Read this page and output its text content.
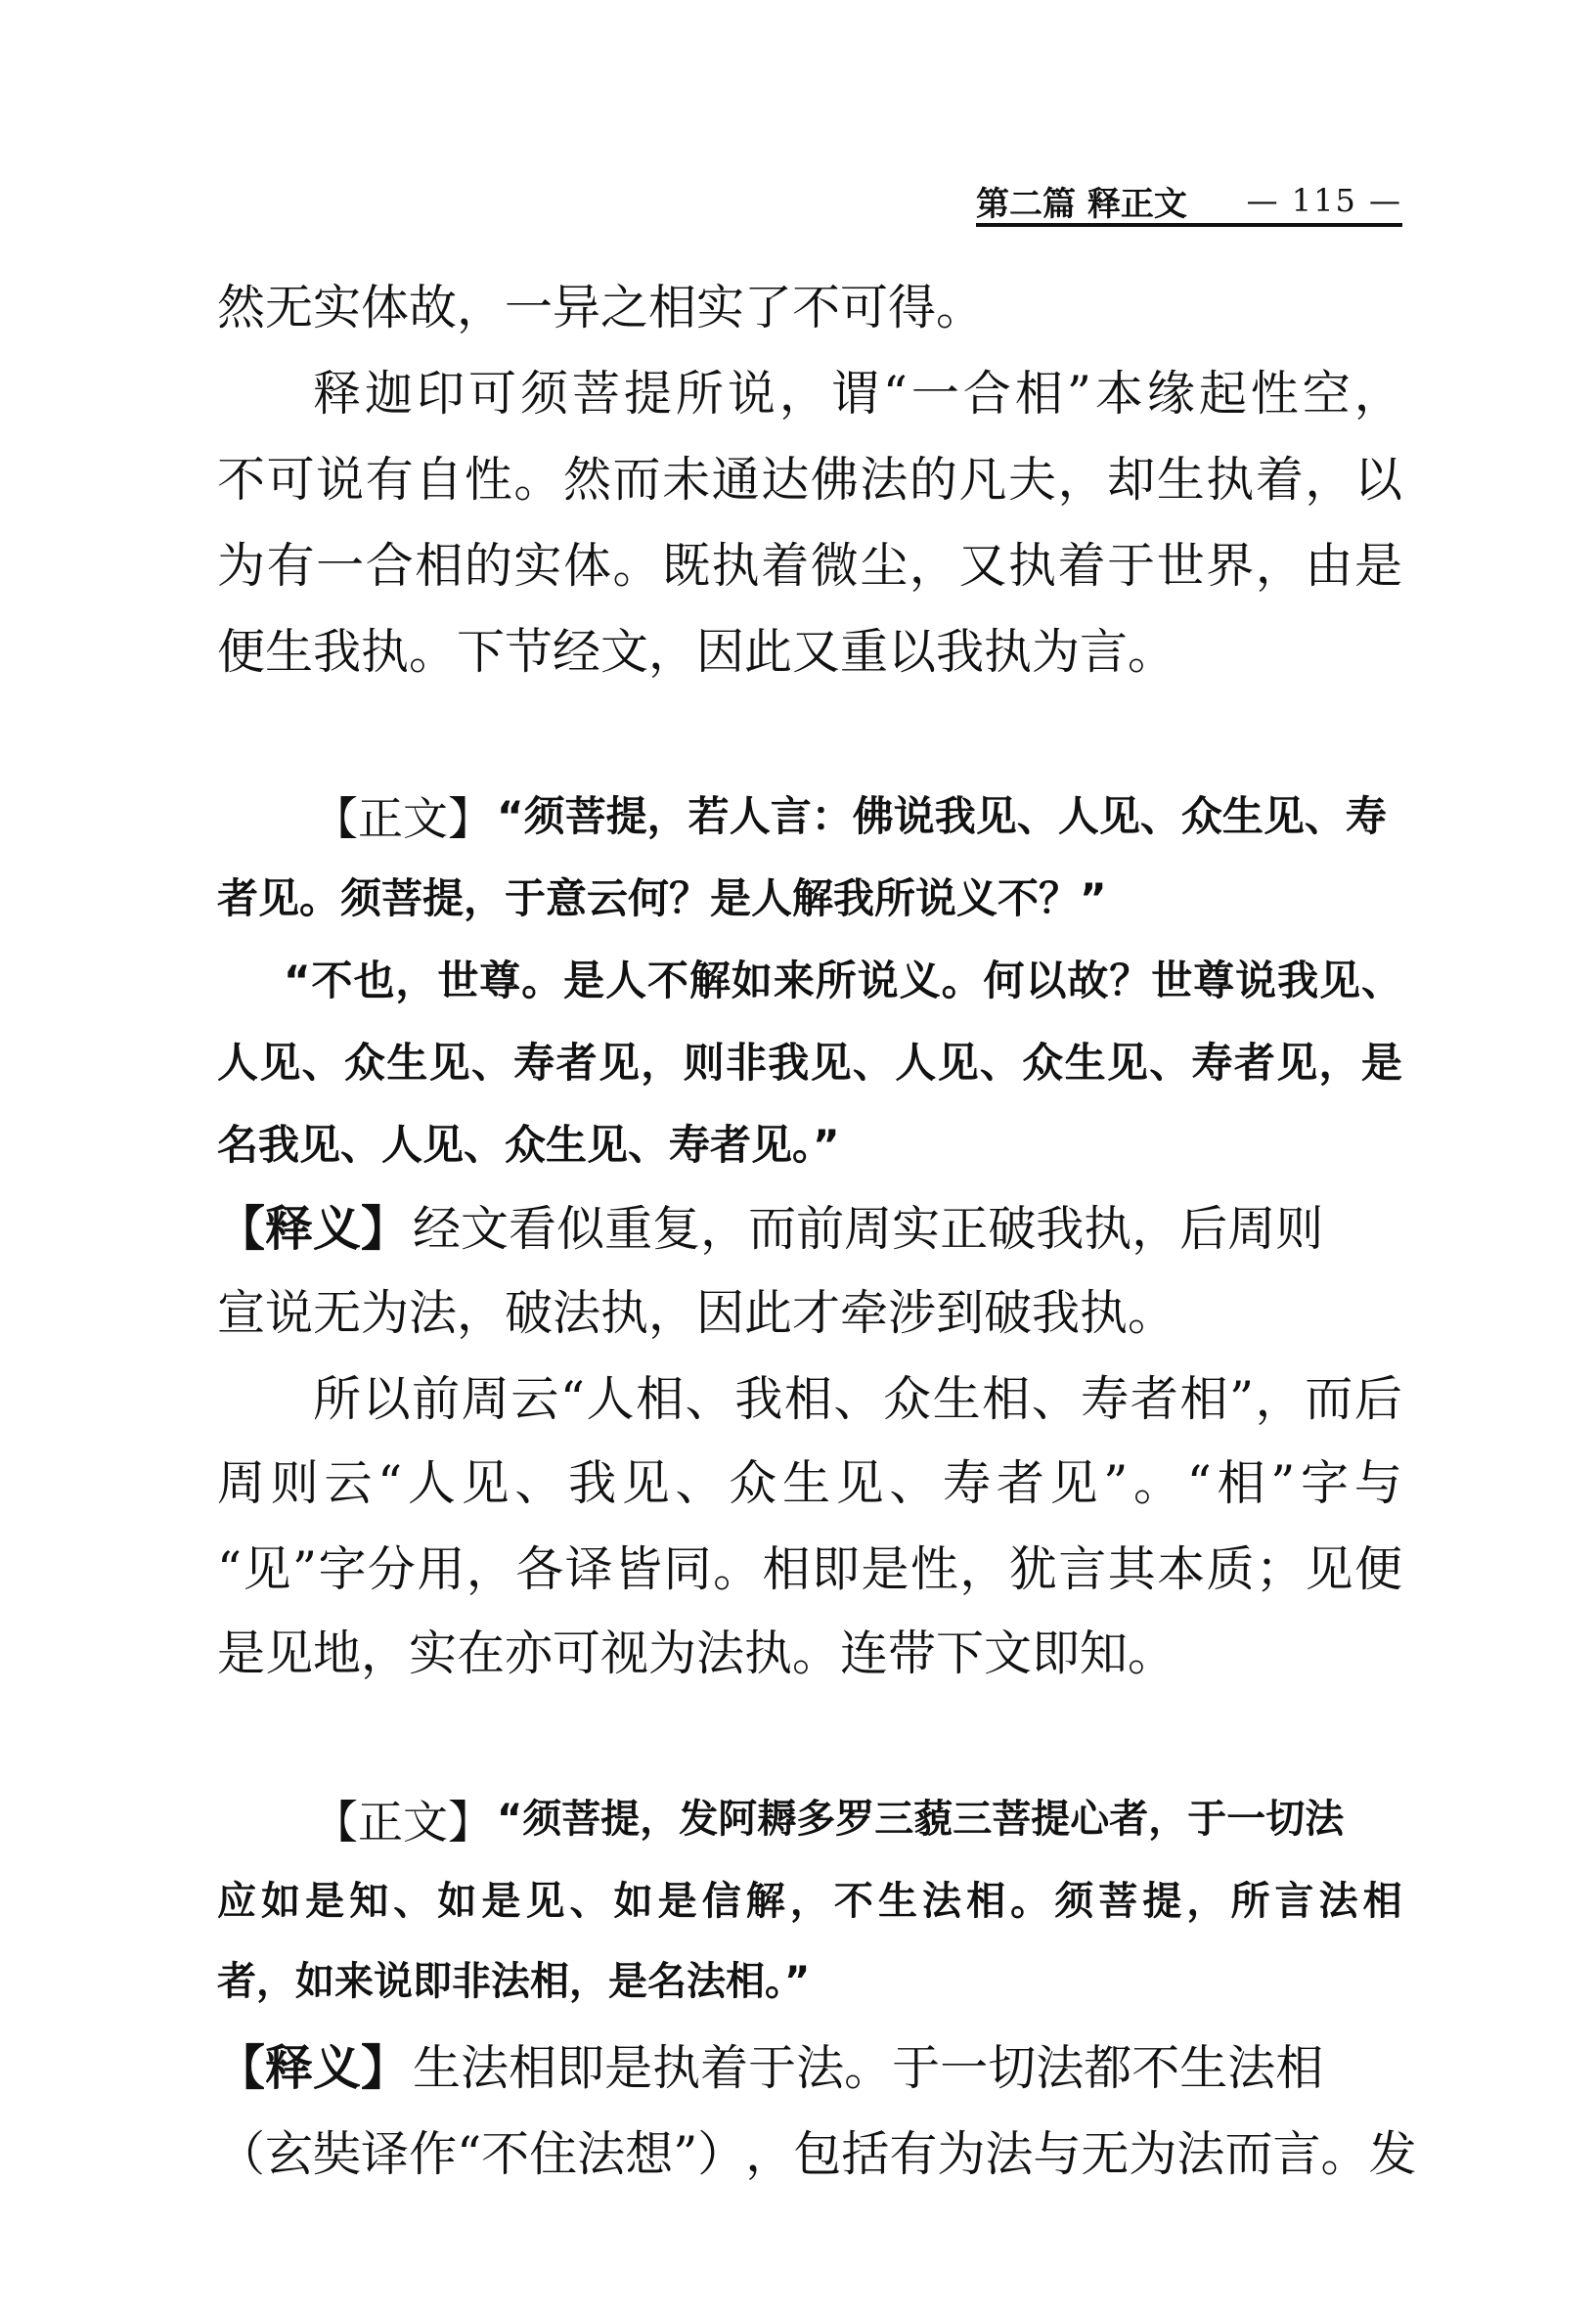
第二篇 释正文 — 115 —
然无实体故，一异之相实了不可得。
释 迦 印 可 须 菩 提 所 说 ， 谓 “ 一 合 相 ” 本 缘 起 性 空 ，
不 可 说 有 自 性 。 然 而 未 通 达 佛 法 的 凡 夫 ， 却 生 执 着 ， 以
为 有 一 合 相 的 实 体 。 既 执 着 微 尘 ， 又 执 着 于 世 界 ， 由 是
便生我执。下节经文，因此又重以我执为言。
【正文】 “须菩提，若人言：佛说我见、人见、众生见、寿
者见。须菩提，于意云何？是人解我所说义不？”
“ 不 也 ， 世 尊 。 是 人 不 解 如 来 所 说 义 。 何 以 故 ？ 世 尊 说 我 见 、
人 见 、 众 生 见 、 寿 者 见 ， 则 非 我 见 、 人 见 、 众 生 见 、 寿 者 见 ， 是
名我见、人见、众生见、寿者见。”
【释义】 经文看似重复，而前周实正破我执，后周则
宣说无为法，破法执，因此才牵涉到破我执。
所 以 前 周 云 “ 人 相 、 我 相 、 众 生 相 、 寿 者 相 ” ， 而 后
周 则 云 “ 人 见 、 我 见 、 众 生 见 、 寿 者 见 ” 。 “ 相 ” 字 与
“ 见 ” 字 分 用 ， 各 译 皆 同 。 相 即 是 性 ， 犹 言 其 本 质 ； 见 便
是见地，实在亦可视为法执。连带下文即知。
【正文】 “须菩提，发阿耨多罗三藐三菩提心者，于一切法
应 如 是 知 、 如 是 见 、 如 是 信 解 ， 不 生 法 相 。 须 菩 提 ， 所 言 法 相
者，如来说即非法相，是名法相。”
【释义】 生法相即是执着于法。于一切法都不生法相
（ 玄 奘 译 作 “ 不 住 法 想 ” ） ， 包 括 有 为 法 与 无 为 法 而 言 。 发
